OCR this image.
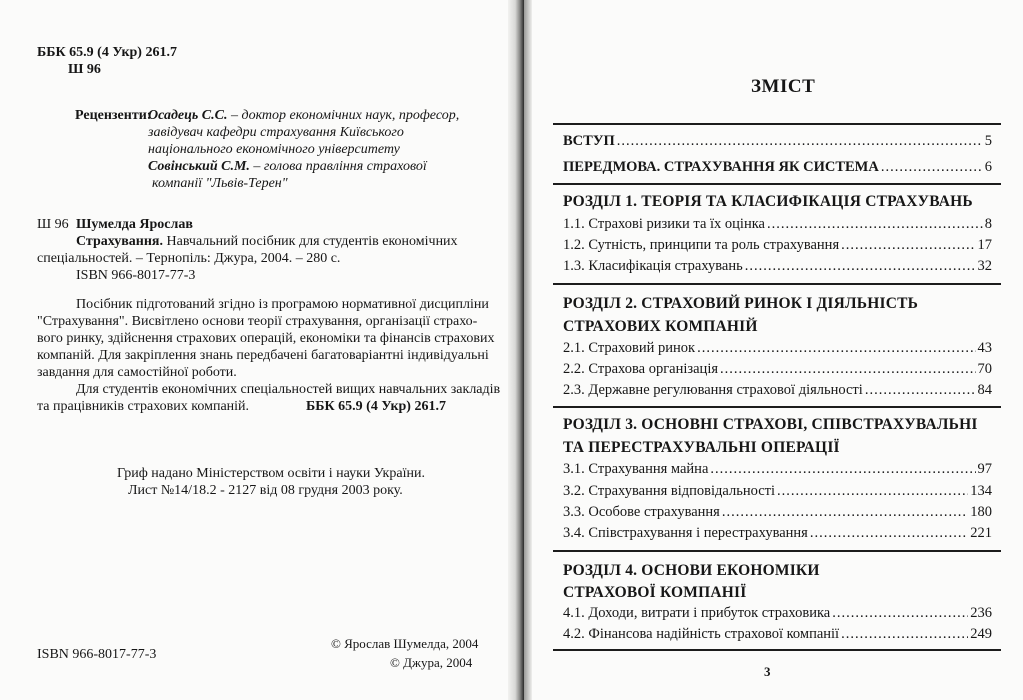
ББК 65.9 (4 Укр) 261.7
Ш 96
Рецензенти:
Осадець С.С. – доктор економічних наук, професор,
завідувач кафедри страхування Київського
національного економічного університету
Совінський С.М. – голова правління страхової
компанії "Львів-Терен"
Ш 96 Шумелда Ярослав
Страхування. Навчальний посібник для студентів економічних
спеціальностей. – Тернопіль: Джура, 2004. – 280 с.
ISBN 966-8017-77-3
Посібник підготований згідно із програмою нормативної дисципліни
"Страхування". Висвітлено основи теорії страхування, організації страхо-
вого ринку, здійснення страхових операцій, економіки та фінансів страхових
компаній. Для закріплення знань передбачені багатоваріантні індивідуальні
завдання для самостійної роботи.
Для студентів економічних спеціальностей вищих навчальних закладів
та працівників страхових компаній.	ББК 65.9 (4 Укр) 261.7
Гриф надано Міністерством освіти і науки України.
Лист №14/18.2 - 2127 від 08 грудня 2003 року.
ISBN 966-8017-77-3
© Ярослав Шумелда, 2004
© Джура, 2004
ЗМІСТ
ВСТУП .....	5
ПЕРЕДМОВА. СТРАХУВАННЯ ЯК СИСТЕМА .....	6
РОЗДІЛ 1. ТЕОРІЯ ТА КЛАСИФІКАЦІЯ СТРАХУВАНЬ
1.1. Страхові ризики та їх оцінка .....	8
1.2. Сутність, принципи та роль страхування .....	17
1.3. Класифікація страхувань .....	32
РОЗДІЛ 2. СТРАХОВИЙ РИНОК І ДІЯЛЬНІСТЬ
СТРАХОВИХ КОМПАНІЙ
2.1. Страховий ринок .....	43
2.2. Страхова організація .....	70
2.3. Державне регулювання страхової діяльності .....	84
РОЗДІЛ 3. ОСНОВНІ СТРАХОВІ, СПІВСТРАХУВАЛЬНІ
ТА ПЕРЕСТРАХУВАЛЬНІ ОПЕРАЦІЇ
3.1. Страхування майна .....	97
3.2. Страхування відповідальності .....	134
3.3. Особове страхування .....	180
3.4. Співстрахування і перестрахування .....	221
РОЗДІЛ 4. ОСНОВИ ЕКОНОМІКИ
СТРАХОВОЇ КОМПАНІЇ
4.1. Доходи, витрати і прибуток страховика .....	236
4.2. Фінансова надійність страхової компанії .....	249
3
